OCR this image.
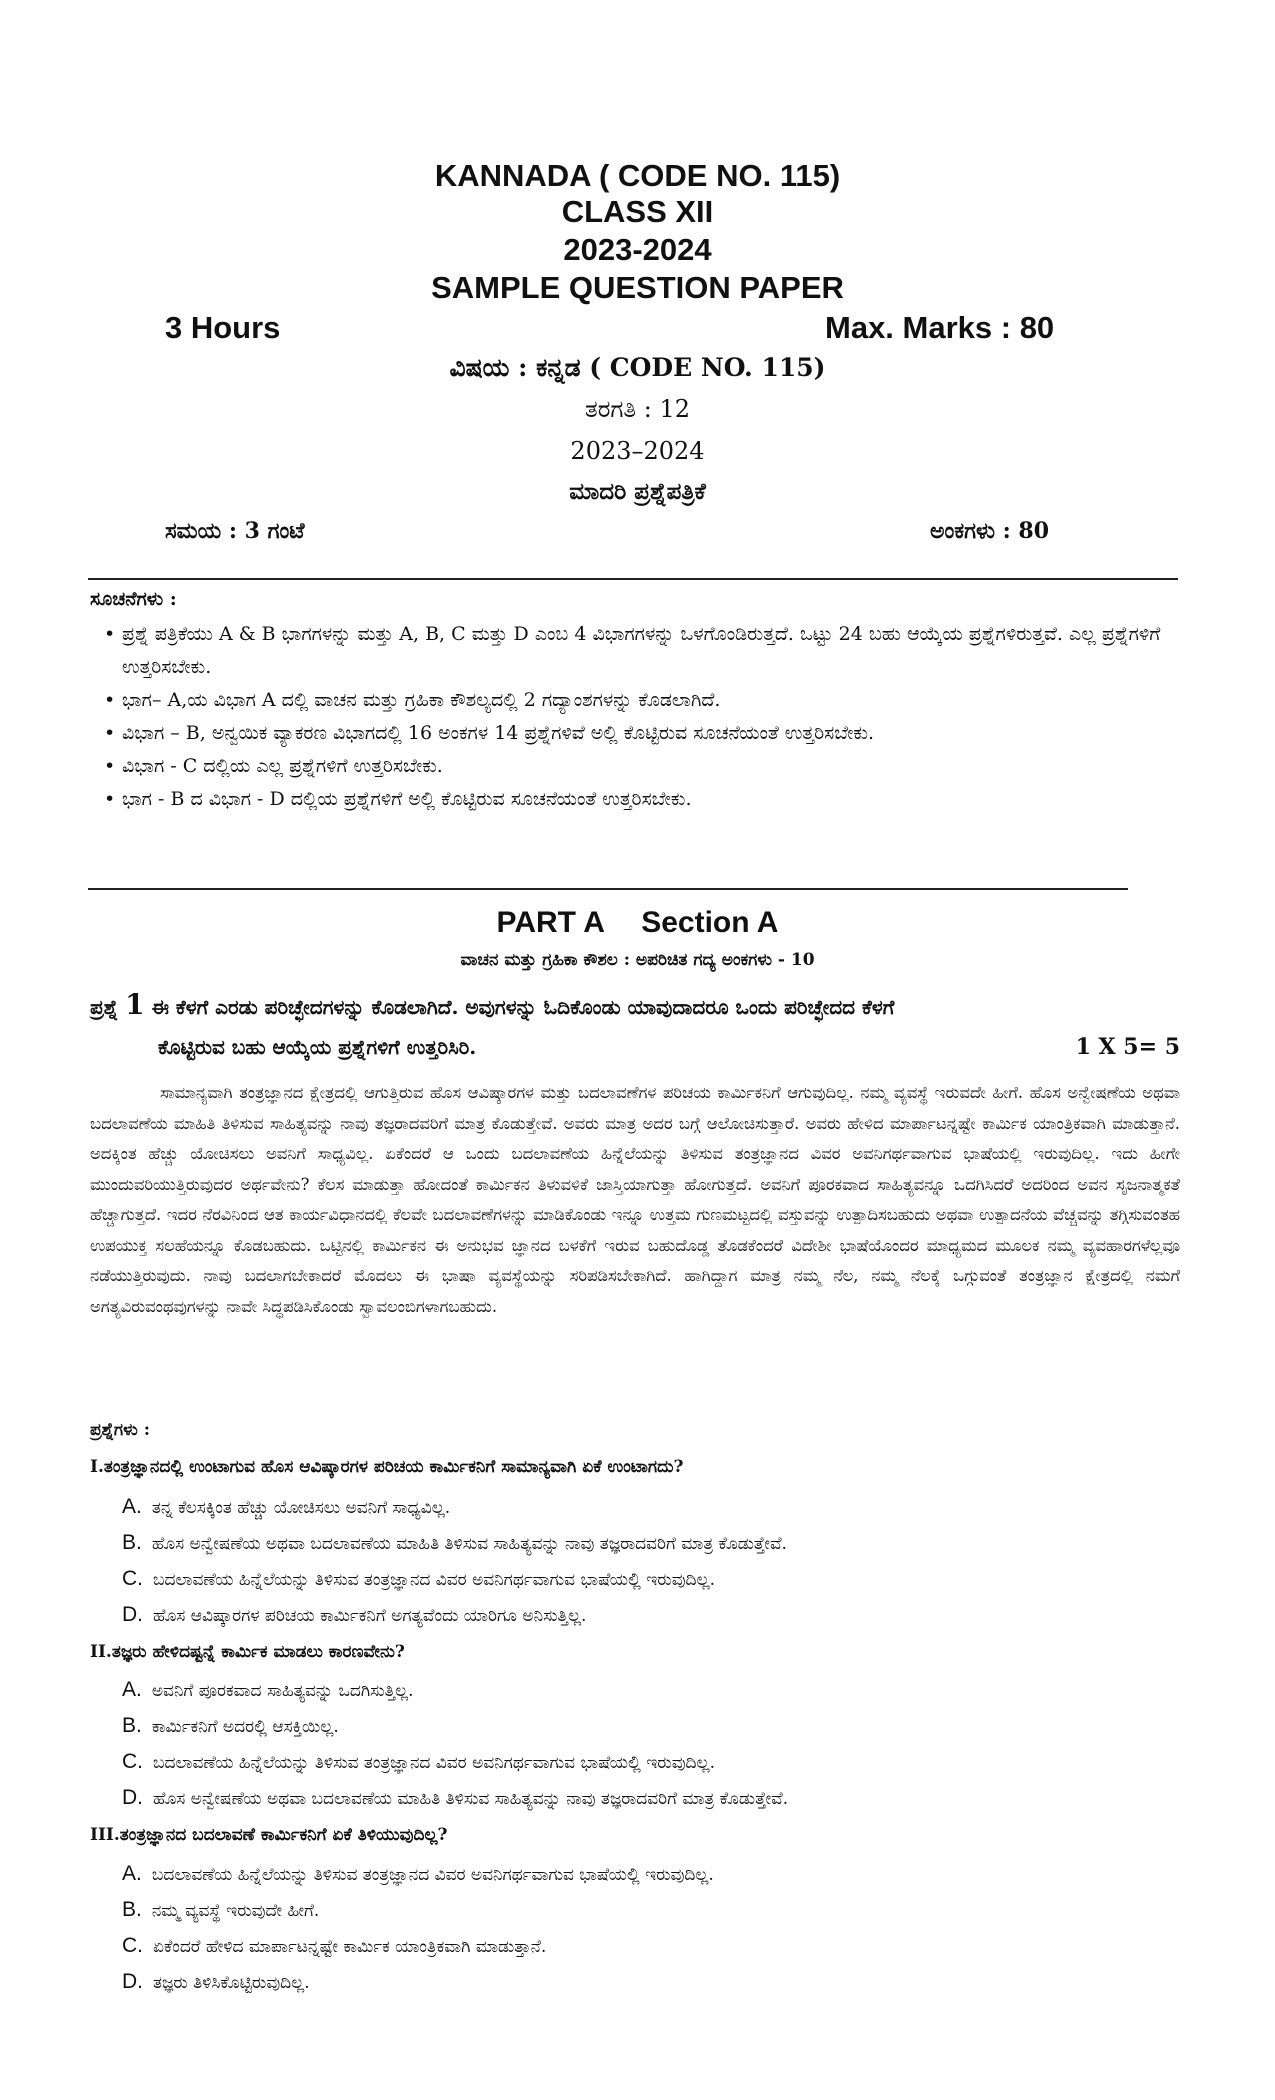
KANNADA ( CODE NO. 115)
CLASS XII
2023-2024
SAMPLE QUESTION PAPER
3 Hours	Max. Marks : 80
ವಿಷಯ : ಕನ್ನಡ ( CODE NO. 115)
ತರಗತಿ : 12
2023–2024
ಮಾದರಿ ಪ್ರಶ್ನೆಪತ್ರಿಕೆ
ಸಮಯ : 3 ಗಂಟೆ	ಅಂಕಗಳು : 80
ಸೂಚನೆಗಳು :
• ಪ್ರಶ್ನೆ ಪತ್ರಿಕೆಯು A & B ಭಾಗಗಳನ್ನು ಮತ್ತು A, B, C ಮತ್ತು D ಎಂಬ 4 ವಿಭಾಗಗಳನ್ನು ಒಳಗೊಂಡಿರುತ್ತದೆ. ಒಟ್ಟು 24 ಬಹು ಆಯ್ಕೆಯ ಪ್ರಶ್ನೆಗಳಿರುತ್ತವೆ. ಎಲ್ಲ ಪ್ರಶ್ನೆಗಳಿಗೆ ಉತ್ತರಿಸಬೇಕು.
• ಭಾಗ– A,ಯ ವಿಭಾಗ A ದಲ್ಲಿ ವಾಚನ ಮತ್ತು ಗ್ರಹಿಕಾ ಕೌಶಲ್ಯದಲ್ಲಿ 2 ಗದ್ಯಾಂಶಗಳನ್ನು ಕೊಡಲಾಗಿದೆ.
• ವಿಭಾಗ – B, ಅನ್ವಯಿಕ ವ್ಯಾಕರಣ ವಿಭಾಗದಲ್ಲಿ 16 ಅಂಕಗಳ 14 ಪ್ರಶ್ನೆಗಳಿವೆ ಅಲ್ಲಿ ಕೊಟ್ಟಿರುವ ಸೂಚನೆಯಂತೆ ಉತ್ತರಿಸಬೇಕು.
• ವಿಭಾಗ - C ದಲ್ಲಿಯ ಎಲ್ಲ ಪ್ರಶ್ನೆಗಳಿಗೆ ಉತ್ತರಿಸಬೇಕು.
• ಭಾಗ - B ದ ವಿಭಾಗ - D ದಲ್ಲಿಯ ಪ್ರಶ್ನೆಗಳಿಗೆ ಅಲ್ಲಿ ಕೊಟ್ಟಿರುವ ಸೂಚನೆಯಂತೆ ಉತ್ತರಿಸಬೇಕು.
PART A Section A
ವಾಚನ ಮತ್ತು ಗ್ರಹಿಕಾ ಕೌಶಲ : ಅಪರಿಚಿತ ಗದ್ಯ ಅಂಕಗಳು - 10
ಪ್ರಶ್ನೆ 1 ಈ ಕೆಳಗೆ ಎರಡು ಪರಿಚ್ಛೇದಗಳನ್ನು ಕೊಡಲಾಗಿದೆ. ಅವುಗಳನ್ನು ಓದಿಕೊಂಡು ಯಾವುದಾದರೂ ಒಂದು ಪರಿಚ್ಛೇದದ ಕೆಳಗೆ
ಕೊಟ್ಟಿರುವ ಬಹು ಆಯ್ಕೆಯ ಪ್ರಶ್ನೆಗಳಿಗೆ ಉತ್ತರಿಸಿರಿ.	1 X 5= 5

ಸಾಮಾನ್ಯವಾಗಿ ತಂತ್ರಜ್ಞಾನದ ಕ್ಷೇತ್ರದಲ್ಲಿ ಆಗುತ್ತಿರುವ ಹೊಸ ಆವಿಷ್ಕಾರಗಳ ಮತ್ತು ಬದಲಾವಣೆಗಳ ಪರಿಚಯ ಕಾರ್ಮಿಕನಿಗೆ ಆಗುವುದಿಲ್ಲ. ನಮ್ಮ ವ್ಯವಸ್ಥೆ ಇರುವದೇ ಹೀಗೆ. ಹೊಸ ಅನ್ವೇಷಣೆಯ ಅಥವಾ ಬದಲಾವಣೆಯ ಮಾಹಿತಿ ತಿಳಿಸುವ ಸಾಹಿತ್ಯವನ್ನು ನಾವು ತಜ್ಞರಾದವರಿಗೆ ಮಾತ್ರ ಕೊಡುತ್ತೇವೆ. ಅವರು ಮಾತ್ರ ಅದರ ಬಗ್ಗೆ ಆಲೋಚಿಸುತ್ತಾರೆ. ಅವರು ಹೇಳಿದ ಮಾರ್ಪಾಟನ್ನಷ್ಟೇ ಕಾರ್ಮಿಕ ಯಾಂತ್ರಿಕವಾಗಿ ಮಾಡುತ್ತಾನೆ. ಅದಕ್ಕಿಂತ ಹೆಚ್ಚು ಯೋಚಿಸಲು ಅವನಿಗೆ ಸಾಧ್ಯವಿಲ್ಲ. ಏಕೆಂದರೆ ಆ ಒಂದು ಬದಲಾವಣೆಯ ಹಿನ್ನೆಲೆಯನ್ನು ತಿಳಿಸುವ ತಂತ್ರಜ್ಞಾನದ ವಿವರ ಅವನಿಗರ್ಥವಾಗುವ ಭಾಷೆಯಲ್ಲಿ ಇರುವುದಿಲ್ಲ. ಇದು ಹೀಗೇ ಮುಂದುವರಿಯುತ್ತಿರುವುದರ ಅರ್ಥವೇನು? ಕೆಲಸ ಮಾಡುತ್ತಾ ಹೋದಂತೆ ಕಾರ್ಮಿಕನ ತಿಳುವಳಿಕೆ ಜಾಸ್ತಿಯಾಗುತ್ತಾ ಹೋಗುತ್ತದೆ. ಅವನಿಗೆ ಪೂರಕವಾದ ಸಾಹಿತ್ಯವನ್ನೂ ಒದಗಿಸಿದರೆ ಅದರಿಂದ ಅವನ ಸೃಜನಾತ್ಮಕತೆ ಹೆಚ್ಚಾಗುತ್ತದೆ. ಇದರ ನೆರವಿನಿಂದ ಆತ ಕಾರ್ಯವಿಧಾನದಲ್ಲಿ ಕೆಲವೇ ಬದಲಾವಣೆಗಳನ್ನು ಮಾಡಿಕೊಂಡು ಇನ್ನೂ ಉತ್ತಮ ಗುಣಮಟ್ಟದಲ್ಲಿ ವಸ್ತುವನ್ನು ಉತ್ಪಾದಿಸಬಹುದು ಅಥವಾ ಉತ್ಪಾದನೆಯ ವೆಚ್ಚವನ್ನು ತಗ್ಗಿಸುವಂತಹ ಉಪಯುಕ್ತ ಸಲಹೆಯನ್ನೂ ಕೊಡಬಹುದು. ಒಟ್ಟಿನಲ್ಲಿ ಕಾರ್ಮಿಕನ ಈ ಅನುಭವ ಜ್ಞಾನದ ಬಳಕೆಗೆ ಇರುವ ಬಹುದೊಡ್ಡ ತೊಡಕೆಂದರೆ ವಿದೇಶೀ ಭಾಷೆಯೊಂದರ ಮಾಧ್ಯಮದ ಮೂಲಕ ನಮ್ಮ ವ್ಯವಹಾರಗಳೆಲ್ಲವೂ ನಡೆಯುತ್ತಿರುವುದು. ನಾವು ಬದಲಾಗಬೇಕಾದರೆ ಮೊದಲು ಈ ಭಾಷಾ ವ್ಯವಸ್ಥೆಯನ್ನು ಸರಿಪಡಿಸಬೇಕಾಗಿದೆ. ಹಾಗಿದ್ದಾಗ ಮಾತ್ರ ನಮ್ಮ ನೆಲ, ನಮ್ಮ ನೆಲಕ್ಕೆ ಒಗ್ಗುವಂತೆ ತಂತ್ರಜ್ಞಾನ ಕ್ಷೇತ್ರದಲ್ಲಿ ನಮಗೆ ಅಗತ್ಯವಿರುವಂಥವುಗಳನ್ನು ನಾವೇ ಸಿದ್ಧಪಡಿಸಿಕೊಂಡು ಸ್ವಾವಲಂಬಿಗಳಾಗಬಹುದು.

ಪ್ರಶ್ನೆಗಳು :
I.ತಂತ್ರಜ್ಞಾನದಲ್ಲಿ ಉಂಟಾಗುವ ಹೊಸ ಆವಿಷ್ಕಾರಗಳ ಪರಿಚಯ ಕಾರ್ಮಿಕನಿಗೆ ಸಾಮಾನ್ಯವಾಗಿ ಏಕೆ ಉಂಟಾಗದು?
A. ತನ್ನ ಕೆಲಸಕ್ಕಿಂತ ಹೆಚ್ಚು ಯೋಚಿಸಲು ಅವನಿಗೆ ಸಾಧ್ಯವಿಲ್ಲ.
B. ಹೊಸ ಅನ್ವೇಷಣೆಯ ಅಥವಾ ಬದಲಾವಣೆಯ ಮಾಹಿತಿ ತಿಳಿಸುವ ಸಾಹಿತ್ಯವನ್ನು ನಾವು ತಜ್ಞರಾದವರಿಗೆ ಮಾತ್ರ ಕೊಡುತ್ತೇವೆ.
C. ಬದಲಾವಣೆಯ ಹಿನ್ನೆಲೆಯನ್ನು ತಿಳಿಸುವ ತಂತ್ರಜ್ಞಾನದ ವಿವರ ಅವನಿಗರ್ಥವಾಗುವ ಭಾಷೆಯಲ್ಲಿ ಇರುವುದಿಲ್ಲ.
D. ಹೊಸ ಆವಿಷ್ಕಾರಗಳ ಪರಿಚಯ ಕಾರ್ಮಿಕನಿಗೆ ಅಗತ್ಯವೆಂದು ಯಾರಿಗೂ ಅನಿಸುತ್ತಿಲ್ಲ.
II.ತಜ್ಞರು ಹೇಳಿದಷ್ಟನ್ನೆ ಕಾರ್ಮಿಕ ಮಾಡಲು ಕಾರಣವೇನು?
A. ಅವನಿಗೆ ಪೂರಕವಾದ ಸಾಹಿತ್ಯವನ್ನು ಒದಗಿಸುತ್ತಿಲ್ಲ.
B. ಕಾರ್ಮಿಕನಿಗೆ ಅದರಲ್ಲಿ ಆಸಕ್ತಿಯಿಲ್ಲ.
C. ಬದಲಾವಣೆಯ ಹಿನ್ನೆಲೆಯನ್ನು ತಿಳಿಸುವ ತಂತ್ರಜ್ಞಾನದ ವಿವರ ಅವನಿಗರ್ಥವಾಗುವ ಭಾಷೆಯಲ್ಲಿ ಇರುವುದಿಲ್ಲ.
D. ಹೊಸ ಅನ್ವೇಷಣೆಯ ಅಥವಾ ಬದಲಾವಣೆಯ ಮಾಹಿತಿ ತಿಳಿಸುವ ಸಾಹಿತ್ಯವನ್ನು ನಾವು ತಜ್ಞರಾದವರಿಗೆ ಮಾತ್ರ ಕೊಡುತ್ತೇವೆ.
III.ತಂತ್ರಜ್ಞಾನದ ಬದಲಾವಣೆ ಕಾರ್ಮಿಕನಿಗೆ ಏಕೆ ತಿಳಿಯುವುದಿಲ್ಲ?
A. ಬದಲಾವಣೆಯ ಹಿನ್ನೆಲೆಯನ್ನು ತಿಳಿಸುವ ತಂತ್ರಜ್ಞಾನದ ವಿವರ ಅವನಿಗರ್ಥವಾಗುವ ಭಾಷೆಯಲ್ಲಿ ಇರುವುದಿಲ್ಲ.
B. ನಮ್ಮ ವ್ಯವಸ್ಥೆ ಇರುವುದೇ ಹೀಗೆ.
C. ಏಕೆಂದರೆ ಹೇಳಿದ ಮಾರ್ಪಾಟನ್ನಷ್ಟೇ ಕಾರ್ಮಿಕ ಯಾಂತ್ರಿಕವಾಗಿ ಮಾಡುತ್ತಾನೆ.
D. ತಜ್ಞರು ತಿಳಿಸಿಕೊಟ್ಟಿರುವುದಿಲ್ಲ.
